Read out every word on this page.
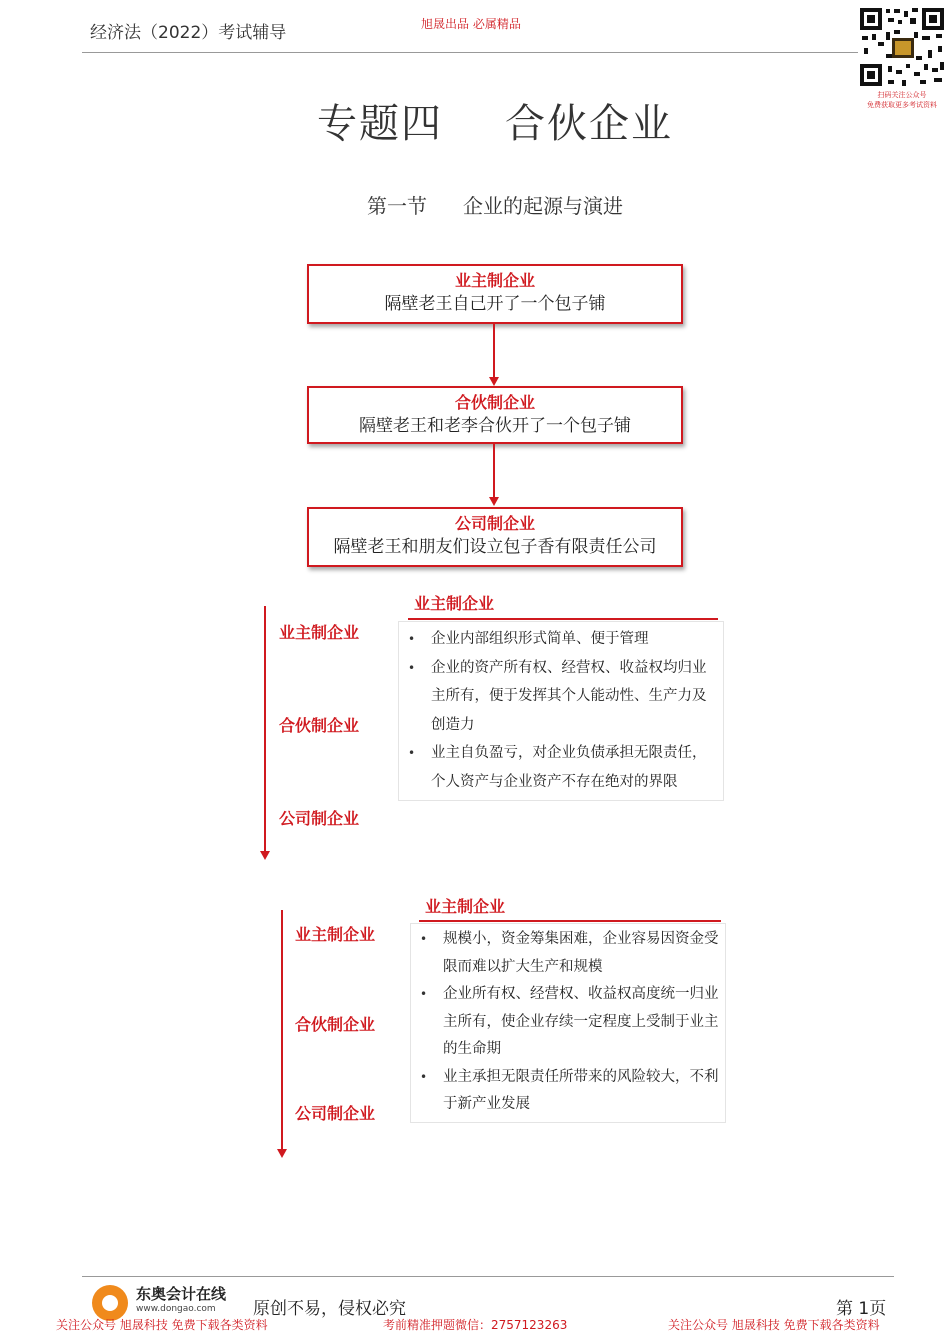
经济法（2022）考试辅导	旭晟出品 必属精品
扫码关注公众号
免费获取更多考试资料
专题四 合伙企业
第一节 企业的起源与演进
业主制企业
隔壁老王自己开了一个包子铺
合伙制企业
隔壁老王和老李合伙开了一个包子铺
公司制企业
隔壁老王和朋友们设立包子香有限责任公司
业主制企业
合伙制企业
公司制企业
业主制企业
• 企业内部组织形式简单、便于管理
• 企业的资产所有权、经营权、收益权均归业主所有，便于发挥其个人能动性、生产力及创造力
• 业主自负盈亏，对企业负债承担无限责任，个人资产与企业资产不存在绝对的界限
业主制企业
合伙制企业
公司制企业
业主制企业
• 规模小，资金筹集困难，企业容易因资金受限而难以扩大生产和规模
• 企业所有权、经营权、收益权高度统一归业主所有，使企业存续一定程度上受制于业主的生命期
• 业主承担无限责任所带来的风险较大，不利于新产业发展
东奥会计在线
www.dongao.com 原创不易，侵权必究	第 1页
关注公众号 旭晟科技 免费下载各类资料	考前精准押题微信：2757123263	关注公众号 旭晟科技 免费下载各类资料
